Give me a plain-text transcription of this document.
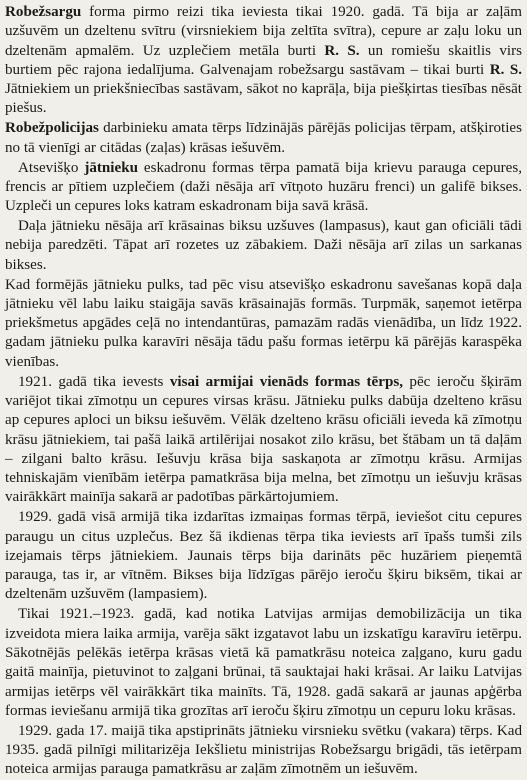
Robežsargu forma pirmo reizi tika ieviesta tikai 1920. gadā. Tā bija ar zaļām uzšuvēm un dzeltenu svītru (virsniekiem bija zeltīta svītra), cepure ar zaļu loku un dzeltenām apmalēm. Uz uzplečiem metāla burti R. S. un romiešu skaitlis virs burtiem pēc rajona iedalījuma. Galvenajam robežsargu sastāvam – tikai burti R. S. Jātniekiem un priekšniecības sastāvam, sākot no kaprāļa, bija piešķirtas tiesības nēsāt piešus.

Robežpolicijas darbinieku amata tērps līdzinājās pārējās policijas tērpam, atšķiroties no tā vienīgi ar citādas (zaļas) krāsas iešuvēm.

Atsevišķo jātnieku eskadronu formas tērpa pamatā bija krievu parauga cepures, frencis ar pītiem uzplečiem (daži nēsāja arī vītņoto huzāru frenci) un galifē bikses. Uzpleči un cepures loks katram eskadronam bija savā krāsā.

Daļa jātnieku nēsāja arī krāsainas biksu uzšuves (lampasus), kaut gan oficiāli tādi nebija paredzēti. Tāpat arī rozetes uz zābakiem. Daži nēsāja arī zilas un sarkanas bikses.

Kad formējās jātnieku pulks, tad pēc visu atsevišķo eskadronu savešanas kopā daļa jātnieku vēl labu laiku staigāja savās krāsainajās formās. Turpmāk, saņemot ietērpa priekšmetus apgādes ceļā no intendantūras, pamazām radās vienādība, un līdz 1922. gadam jātnieku pulka karavīri nēsāja tādu pašu formas ietērpu kā pārējās karaspēka vienības.

1921. gadā tika ievests visai armijai vienāds formas tērps, pēc ieroču šķirām variējot tikai zīmotņu un cepures virsas krāsu. Jātnieku pulks dabūja dzelteno krāsu ap cepures aploci un biksu iešuvēm. Vēlāk dzelteno krāsu oficiāli ieveda kā zīmotņu krāsu jātniekiem, tai pašā laikā artilērijai nosakot zilo krāsu, bet štābam un tā daļām – zilgani balto krāsu. Iešuvju krāsa bija saskaņota ar zīmotņu krāsu. Armijas tehniskajām vienībām ietērpa pamatkrāsa bija melna, bet zīmotņu un iešuvju krāsas vairākkārt mainīja sakarā ar padotības pārkārtojumiem.

1929. gadā visā armijā tika izdarītas izmaiņas formas tērpā, ieviešot citu cepures paraugu un citus uzplečus. Bez šā ikdienas tērpa tika ieviests arī īpašs tumši zils izejamais tērps jātniekiem. Jaunais tērps bija darināts pēc huzāriem pieņemtā parauga, tas ir, ar vītnēm. Bikses bija līdzīgas pārējo ieroču šķiru biksēm, tikai ar dzeltenām uzšuvēm (lampasiem).

Tikai 1921.–1923. gadā, kad notika Latvijas armijas demobilizācija un tika izveidota miera laika armija, varēja sākt izgatavot labu un izskatīgu karavīru ietērpu. Sākotnējās pelēkās ietērpa krāsas vietā kā pamatkrāsu noteica zaļgano, kuru gadu gaitā mainīja, pietuvinot to zaļgani brūnai, tā sauktajai haki krāsai. Ar laiku Latvijas armijas ietērps vēl vairākkārt tika mainīts. Tā, 1928. gadā sakarā ar jaunas apģērba formas ieviešanu armijā tika grozītas arī ieroču šķiru zīmotņu un cepuru loku krāsas.

1929. gada 17. maijā tika apstiprināts jātnieku virsnieku svētku (vakara) tērps. Kad 1935. gadā pilnīgi militarizēja Iekšlietu ministrijas Robežsargu brigādi, tās ietērpam noteica armijas parauga pamatkrāsu ar zaļām zīmotnēm un iešuvēm.
